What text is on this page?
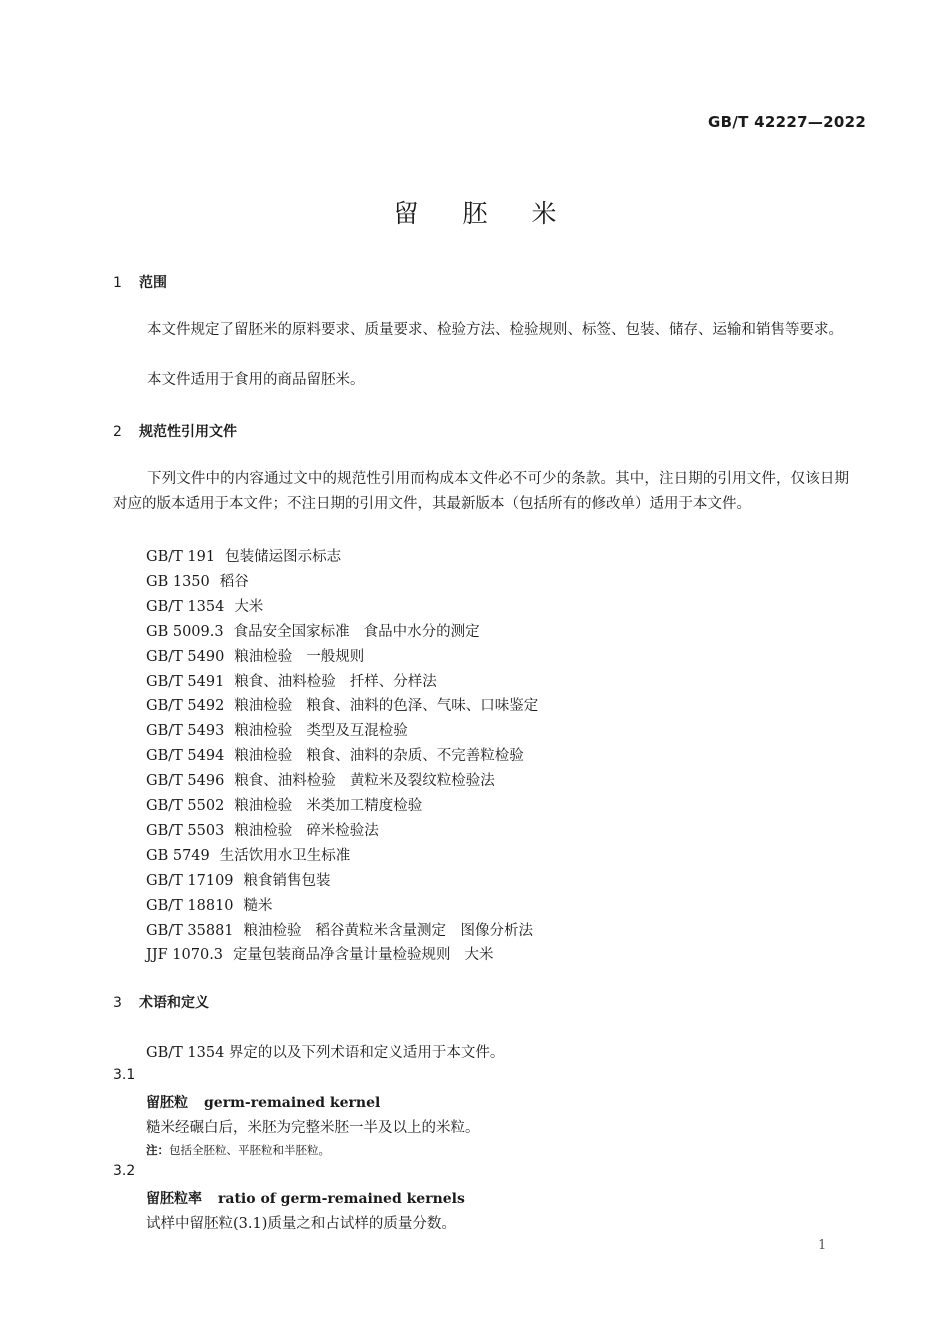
GB/T 42227—2022
留 胚 米
1 范围
本文件规定了留胚米的原料要求、质量要求、检验方法、检验规则、标签、包装、储存、运输和销售等要求。
本文件适用于食用的商品留胚米。
2 规范性引用文件
下列文件中的内容通过文中的规范性引用而构成本文件必不可少的条款。其中，注日期的引用文件，仅该日期对应的版本适用于本文件；不注日期的引用文件，其最新版本（包括所有的修改单）适用于本文件。
GB/T 191 包装储运图示标志
GB 1350 稻谷
GB/T 1354 大米
GB 5009.3 食品安全国家标准 食品中水分的测定
GB/T 5490 粮油检验 一般规则
GB/T 5491 粮食、油料检验 扦样、分样法
GB/T 5492 粮油检验 粮食、油料的色泽、气味、口味鉴定
GB/T 5493 粮油检验 类型及互混检验
GB/T 5494 粮油检验 粮食、油料的杂质、不完善粒检验
GB/T 5496 粮食、油料检验 黄粒米及裂纹粒检验法
GB/T 5502 粮油检验 米类加工精度检验
GB/T 5503 粮油检验 碎米检验法
GB 5749 生活饮用水卫生标准
GB/T 17109 粮食销售包装
GB/T 18810 糙米
GB/T 35881 粮油检验 稻谷黄粒米含量测定　图像分析法
JJF 1070.3 定量包装商品净含量计量检验规则 大米
3 术语和定义
GB/T 1354 界定的以及下列术语和定义适用于本文件。
3.1
留胚粒 germ-remained kernel
糙米经碾白后，米胚为完整米胚一半及以上的米粒。
注：包括全胚粒、平胚粒和半胚粒。
3.2
留胚粒率 ratio of germ-remained kernels
试样中留胚粒(3.1)质量之和占试样的质量分数。
1
